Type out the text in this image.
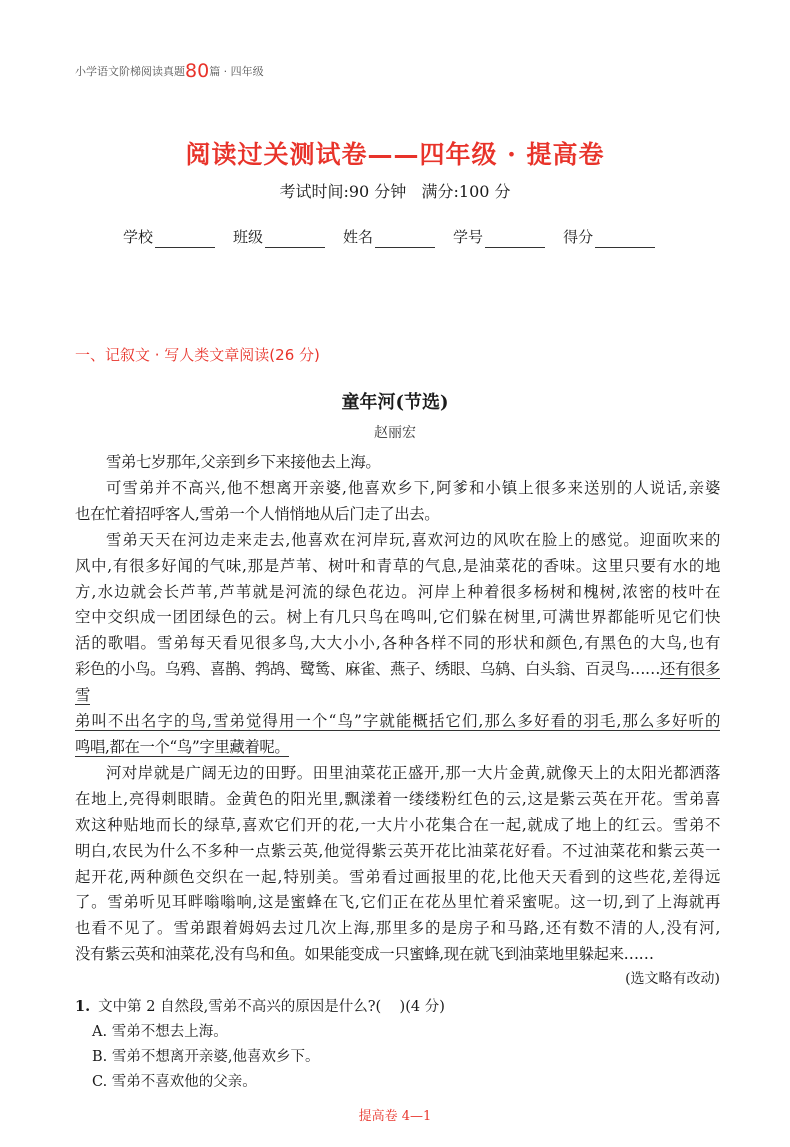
小学语文阶梯阅读真题80篇 · 四年级
阅读过关测试卷——四年级 · 提高卷
考试时间:90 分钟   满分:100 分
学校	班级	姓名	学号	得分
一、记叙文 · 写人类文章阅读(26 分)
童年河(节选)
赵丽宏
雪弟七岁那年,父亲到乡下来接他去上海。
可雪弟并不高兴,他不想离开亲婆,他喜欢乡下,阿爹和小镇上很多来送别的人说话,亲婆
也在忙着招呼客人,雪弟一个人悄悄地从后门走了出去。
雪弟天天在河边走来走去,他喜欢在河岸玩,喜欢河边的风吹在脸上的感觉。迎面吹来的
风中,有很多好闻的气味,那是芦苇、树叶和青草的气息,是油菜花的香味。这里只要有水的地
方,水边就会长芦苇,芦苇就是河流的绿色花边。河岸上种着很多杨树和槐树,浓密的枝叶在
空中交织成一团团绿色的云。树上有几只鸟在鸣叫,它们躲在树里,可满世界都能听见它们快
活的歌唱。雪弟每天看见很多鸟,大大小小,各种各样不同的形状和颜色,有黑色的大鸟,也有
彩色的小鸟。乌鸦、喜鹊、鹁鸪、鹭鸶、麻雀、燕子、绣眼、乌鸫、白头翁、百灵鸟……还有很多雪
弟叫不出名字的鸟,雪弟觉得用一个“鸟”字就能概括它们,那么多好看的羽毛,那么多好听的
鸣唱,都在一个“鸟”字里藏着呢。
河对岸就是广阔无边的田野。田里油菜花正盛开,那一大片金黄,就像天上的太阳光都洒落
在地上,亮得刺眼睛。金黄色的阳光里,飘漾着一缕缕粉红色的云,这是紫云英在开花。雪弟喜
欢这种贴地而长的绿草,喜欢它们开的花,一大片小花集合在一起,就成了地上的红云。雪弟不
明白,农民为什么不多种一点紫云英,他觉得紫云英开花比油菜花好看。不过油菜花和紫云英一
起开花,两种颜色交织在一起,特别美。雪弟看过画报里的花,比他天天看到的这些花,差得远
了。雪弟听见耳畔嗡嗡响,这是蜜蜂在飞,它们正在花丛里忙着采蜜呢。这一切,到了上海就再
也看不见了。雪弟跟着姆妈去过几次上海,那里多的是房子和马路,还有数不清的人,没有河,
没有紫云英和油菜花,没有鸟和鱼。如果能变成一只蜜蜂,现在就飞到油菜地里躲起来……
(选文略有改动)
1. 文中第 2 自然段,雪弟不高兴的原因是什么?(    )(4 分)
A. 雪弟不想去上海。
B. 雪弟不想离开亲婆,他喜欢乡下。
C. 雪弟不喜欢他的父亲。
提高卷 4—1
